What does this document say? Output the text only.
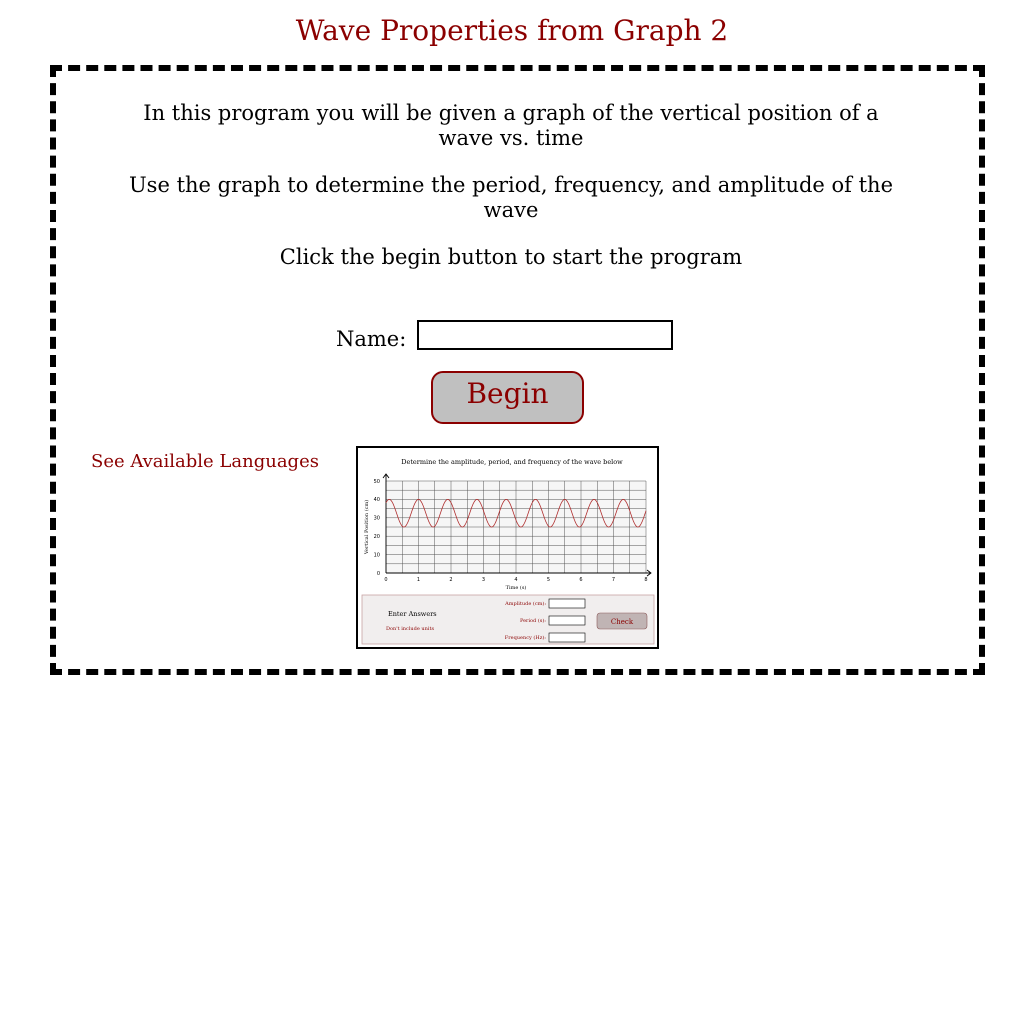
Wave Properties from Graph 2

In this program you will be given a graph of the vertical position of a wave vs. time

Use the graph to determine the period, frequency, and amplitude of the wave

Click the begin button to start the program

Name:
Begin
See Available Languages	Determine the amplitude, period, and frequency of the wave below
0	1	2	3	4	5	6	7	8
0
10
20
30
40
50
Time (s)
Vertical Position (cm)
Enter Answers
Don't include units
Amplitude (cm):
Period (s):
Frequency (Hz):
Check
